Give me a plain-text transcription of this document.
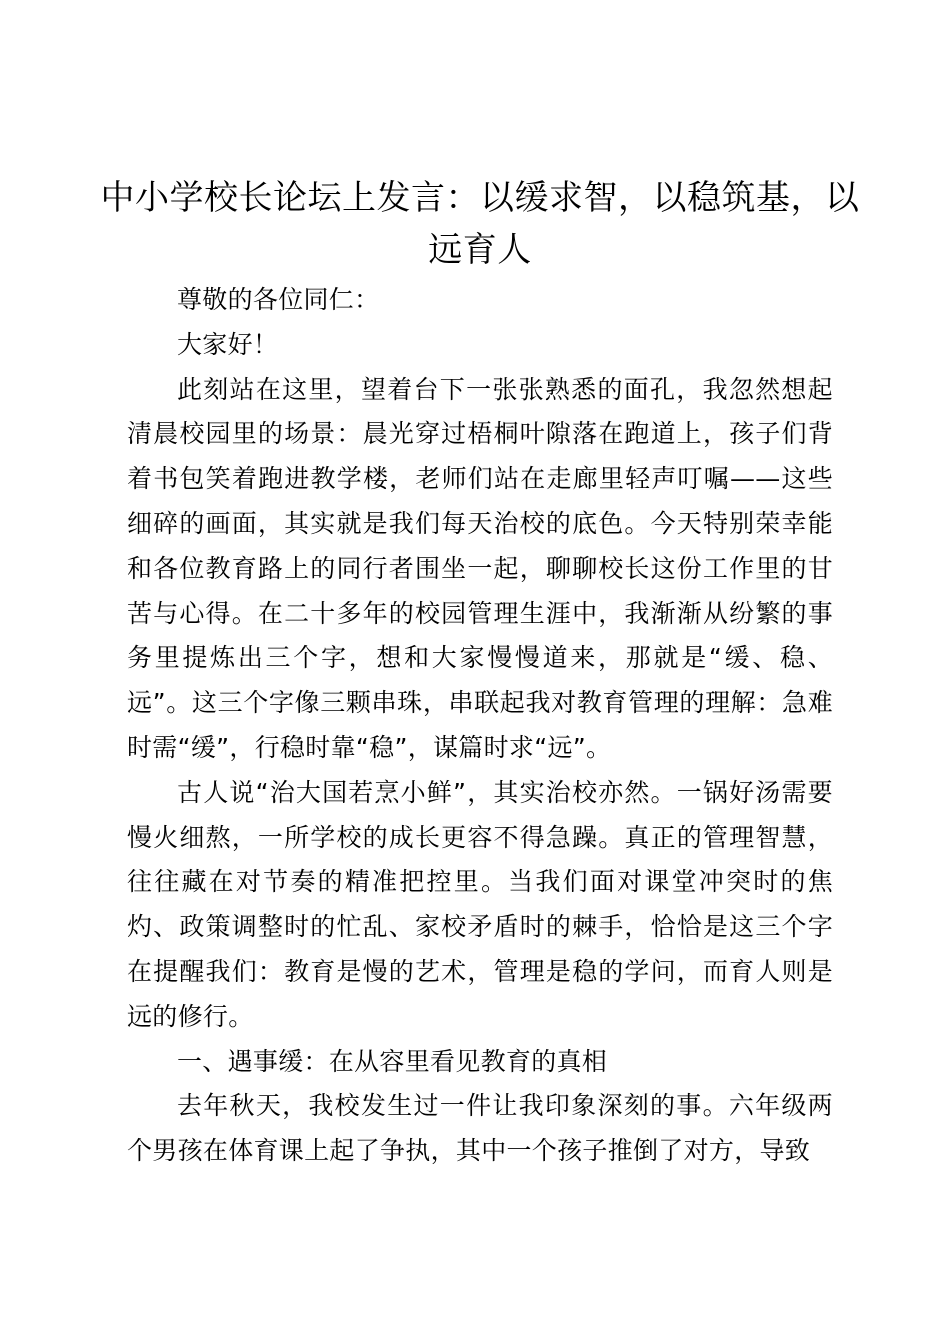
中小学校长论坛上发言：以缓求智，以稳筑基，以远育人

尊敬的各位同仁：

大家好！

此刻站在这里，望着台下一张张熟悉的面孔，我忽然想起清晨校园里的场景：晨光穿过梧桐叶隙落在跑道上，孩子们背着书包笑着跑进教学楼，老师们站在走廊里轻声叮嘱——这些细碎的画面，其实就是我们每天治校的底色。今天特别荣幸能和各位教育路上的同行者围坐一起，聊聊校长这份工作里的甘苦与心得。在二十多年的校园管理生涯中，我渐渐从纷繁的事务里提炼出三个字，想和大家慢慢道来，那就是“缓、稳、远”。这三个字像三颗串珠，串联起我对教育管理的理解：急难时需“缓”，行稳时靠“稳”，谋篇时求“远”。

古人说“治大国若烹小鲜”，其实治校亦然。一锅好汤需要慢火细熬，一所学校的成长更容不得急躁。真正的管理智慧，往往藏在对节奏的精准把控里。当我们面对课堂冲突时的焦灼、政策调整时的忙乱、家校矛盾时的棘手，恰恰是这三个字在提醒我们：教育是慢的艺术，管理是稳的学问，而育人则是远的修行。

一、遇事缓：在从容里看见教育的真相

去年秋天，我校发生过一件让我印象深刻的事。六年级两个男孩在体育课上起了争执，其中一个孩子推倒了对方，导致
